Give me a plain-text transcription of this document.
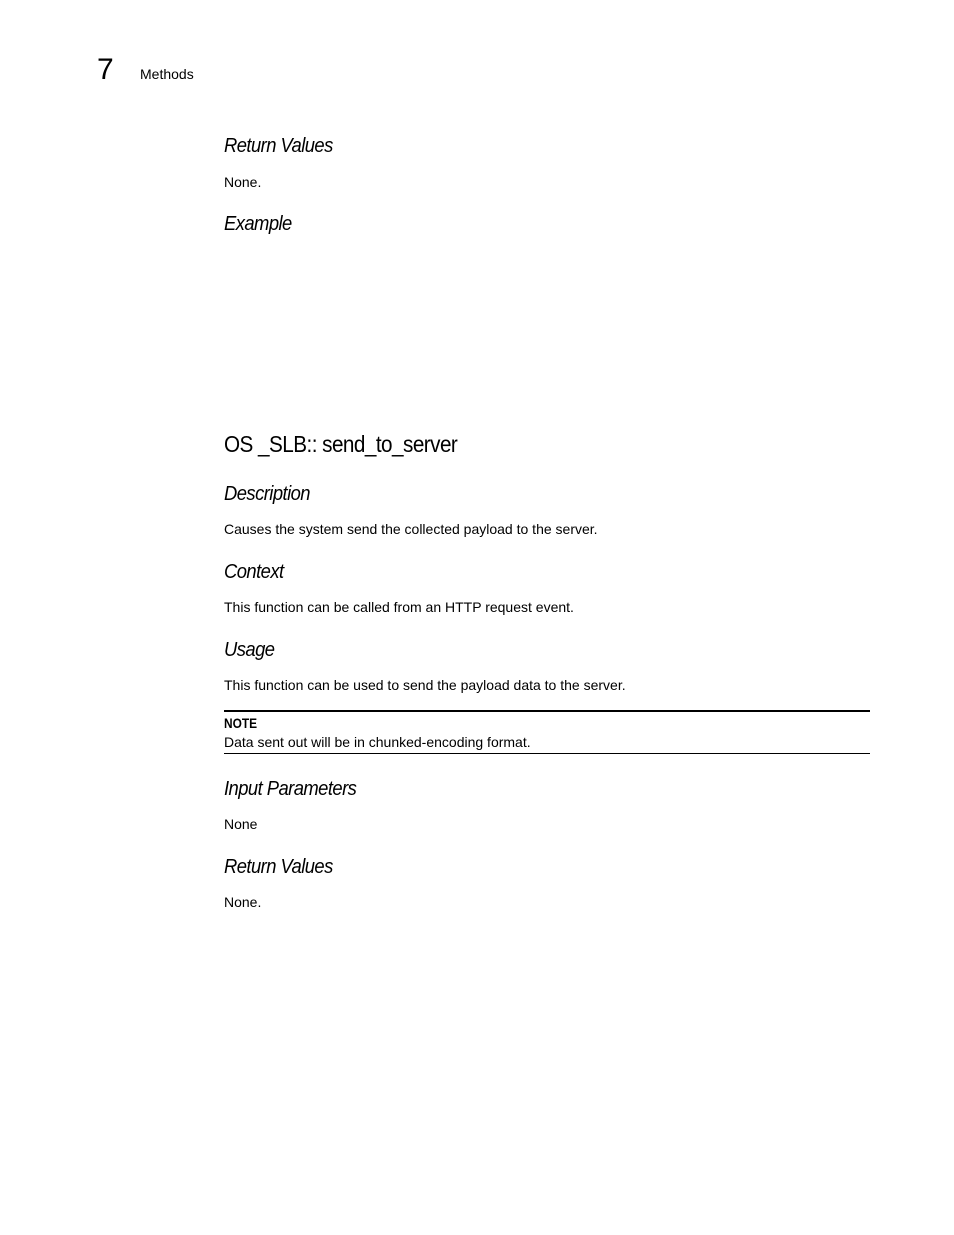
7 Methods
Return Values
None.
Example
OS _SLB:: send_to_server
Description
Causes the system send the collected payload to the server.
Context
This function can be called from an HTTP request event.
Usage
This function can be used to send the payload data to the server.
NOTE
Data sent out will be in chunked-encoding format.
Input Parameters
None
Return Values
None.
